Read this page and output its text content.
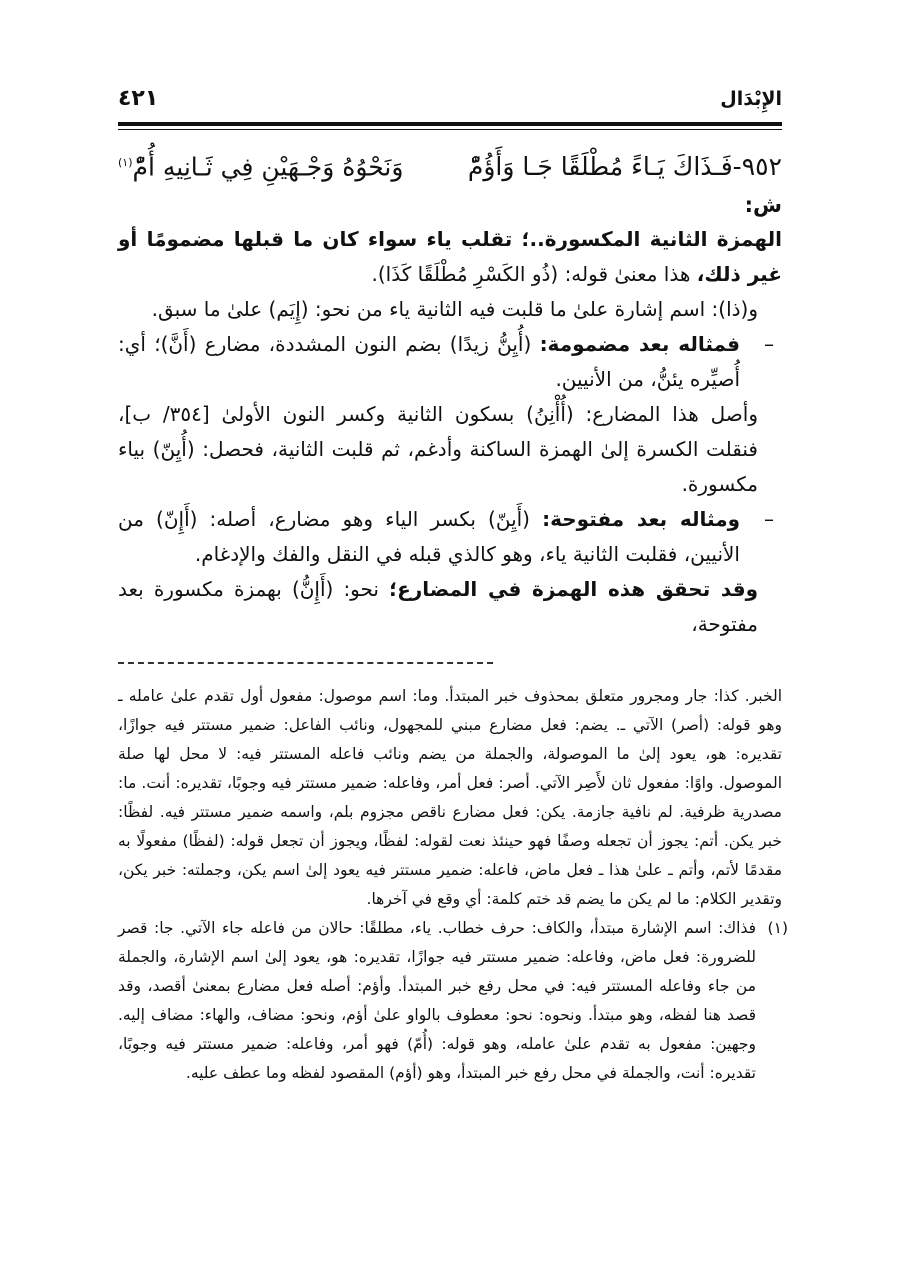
الإِبْدَال
٤٢١
٩٥٢-فَـذَاكَ يَـاءً مُطْلَقًا جَـا وَأَؤُمّْ
وَنَحْوُهُ وَجْـهَيْنِ فِي ثَـانِيهِ أُمّْ$^{(١)}$
ش:

الهمزة الثانية المكسورة..؛ تقلب ياء سواء كان ما قبلها مضمومًا أو غير ذلك، هذا معنىٰ قوله: (ذُو الكَسْرِ مُطْلَقًا كَذَا).

و(ذا): اسم إشارة علىٰ ما قلبت فيه الثانية ياء من نحو: (إِيَم) علىٰ ما سبق.

–
فمثاله بعد مضمومة: (أُيِنُّ زيدًا) بضم النون المشددة، مضارع (أَنَّ)؛ أي: أُصيِّره يئنُّ، من الأنيين.

وأصل هذا المضارع: (أُأْنِنُ) بسكون الثانية وكسر النون الأولىٰ [٣٥٤/ ب]، فنقلت الكسرة إلىٰ الهمزة الساكنة وأدغم، ثم قلبت الثانية، فحصل: (أُيِنّ) بياء مكسورة.

–
ومثاله بعد مفتوحة: (أَيِنّ) بكسر الياء وهو مضارع، أصله: (أَإِنّ) من الأنيين، فقلبت الثانية ياء، وهو كالذي قبله في النقل والفك والإدغام.

وقد تحقق هذه الهمزة في المضارع؛ نحو: (أَإِنُّ) بهمزة مكسورة بعد مفتوحة،

الخبر. كذا: جار ومجرور متعلق بمحذوف خبر المبتدأ. وما: اسم موصول: مفعول أول تقدم علىٰ عامله ـ وهو قوله: (أصر) الآتي ـ. يضم: فعل مضارع مبني للمجهول، ونائب الفاعل: ضمير مستتر فيه جوازًا، تقديره: هو، يعود إلىٰ ما الموصولة، والجملة من يضم ونائب فاعله المستتر فيه: لا محل لها صلة الموصول. واوًا: مفعول ثان لأَصِر الآتي. أصر: فعل أمر، وفاعله: ضمير مستتر فيه وجوبًا، تقديره: أنت. ما: مصدرية ظرفية. لم نافية جازمة. يكن: فعل مضارع ناقص مجزوم بلم، واسمه ضمير مستتر فيه. لفظًا: خبر يكن. أتم: يجوز أن تجعله وصفًا فهو حينئذ نعت لقوله: لفظًا، ويجوز أن تجعل قوله: (لفظًا) مفعولًا به مقدمًا لأتم، وأتم ـ علىٰ هذا ـ فعل ماض، فاعله: ضمير مستتر فيه يعود إلىٰ اسم يكن، وجملته: خبر يكن، وتقدير الكلام: ما لم يكن ما يضم قد ختم كلمة: أي وقع في آخرها.

(١)
فذاك: اسم الإشارة مبتدأ، والكاف: حرف خطاب. ياء، مطلقًا: حالان من فاعله جاء الآتي. جا: قصر للضرورة: فعل ماض، وفاعله: ضمير مستتر فيه جوازًا، تقديره: هو، يعود إلىٰ اسم الإشارة، والجملة من جاء وفاعله المستتر فيه: في محل رفع خبر المبتدأ. وأؤم: أصله فعل مضارع بمعنىٰ أقصد، وقد قصد هنا لفظه، وهو مبتدأ. ونحوه: نحو: معطوف بالواو علىٰ أؤم، ونحو: مضاف، والهاء: مضاف إليه. وجهين: مفعول به تقدم علىٰ عامله، وهو قوله: (أُمّ) فهو أمر، وفاعله: ضمير مستتر فيه وجوبًا، تقديره: أنت، والجملة في محل رفع خبر المبتدأ، وهو (أؤم) المقصود لفظه وما عطف عليه.
